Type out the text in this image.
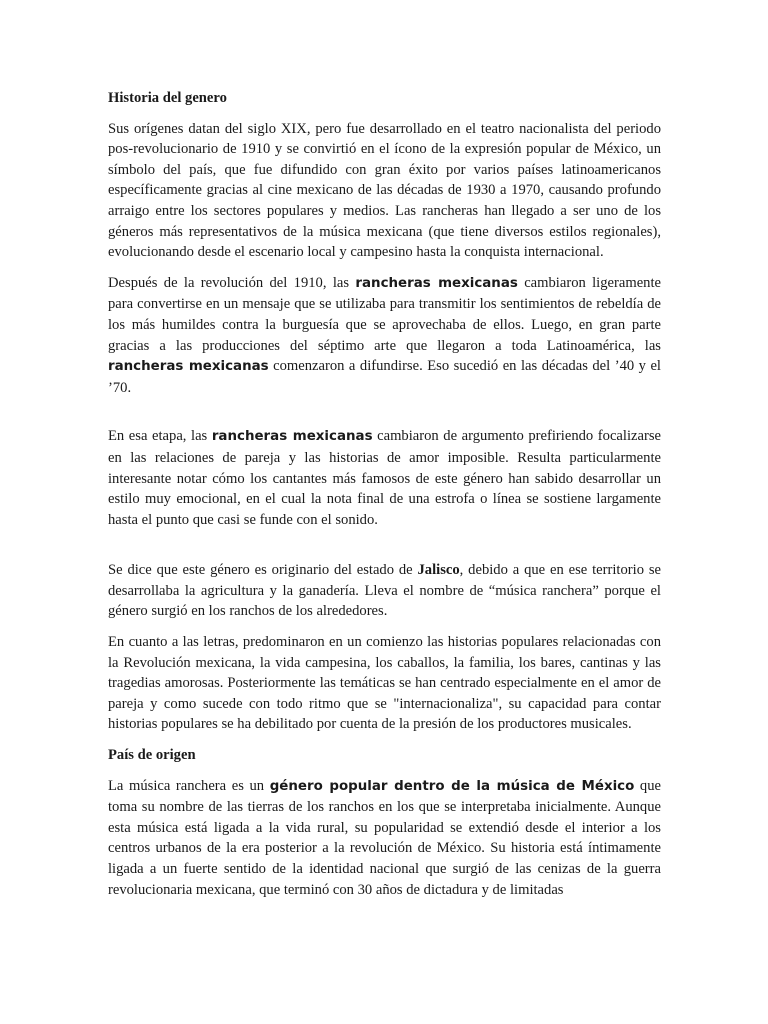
Historia del genero

Sus orígenes datan del siglo XIX, pero fue desarrollado en el teatro nacionalista del periodo pos-revolucionario de 1910 y se convirtió en el ícono de la expresión popular de México, un símbolo del país, que fue difundido con gran éxito por varios países latinoamericanos específicamente gracias al cine mexicano de las décadas de 1930 a 1970, causando profundo arraigo entre los sectores populares y medios. Las rancheras han llegado a ser uno de los géneros más representativos de la música mexicana (que tiene diversos estilos regionales), evolucionando desde el escenario local y campesino hasta la conquista internacional.

Después de la revolución del 1910, las rancheras mexicanas cambiaron ligeramente para convertirse en un mensaje que se utilizaba para transmitir los sentimientos de rebeldía de los más humildes contra la burguesía que se aprovechaba de ellos. Luego, en gran parte gracias a las producciones del séptimo arte que llegaron a toda Latinoamérica, las rancheras mexicanas comenzaron a difundirse. Eso sucedió en las décadas del ’40 y el ’70.

En esa etapa, las rancheras mexicanas cambiaron de argumento prefiriendo focalizarse en las relaciones de pareja y las historias de amor imposible. Resulta particularmente interesante notar cómo los cantantes más famosos de este género han sabido desarrollar un estilo muy emocional, en el cual la nota final de una estrofa o línea se sostiene largamente hasta el punto que casi se funde con el sonido.

Se dice que este género es originario del estado de Jalisco, debido a que en ese territorio se desarrollaba la agricultura y la ganadería. Lleva el nombre de “música ranchera” porque el género surgió en los ranchos de los alrededores.

En cuanto a las letras, predominaron en un comienzo las historias populares relacionadas con la Revolución mexicana, la vida campesina, los caballos, la familia, los bares, cantinas y las tragedias amorosas. Posteriormente las temáticas se han centrado especialmente en el amor de pareja y como sucede con todo ritmo que se "internacionaliza", su capacidad para contar historias populares se ha debilitado por cuenta de la presión de los productores musicales.

País de origen

La música ranchera es un género popular dentro de la música de México que toma su nombre de las tierras de los ranchos en los que se interpretaba inicialmente. Aunque esta música está ligada a la vida rural, su popularidad se extendió desde el interior a los centros urbanos de la era posterior a la revolución de México. Su historia está íntimamente ligada a un fuerte sentido de la identidad nacional que surgió de las cenizas de la guerra revolucionaria mexicana, que terminó con 30 años de dictadura y de limitadas
